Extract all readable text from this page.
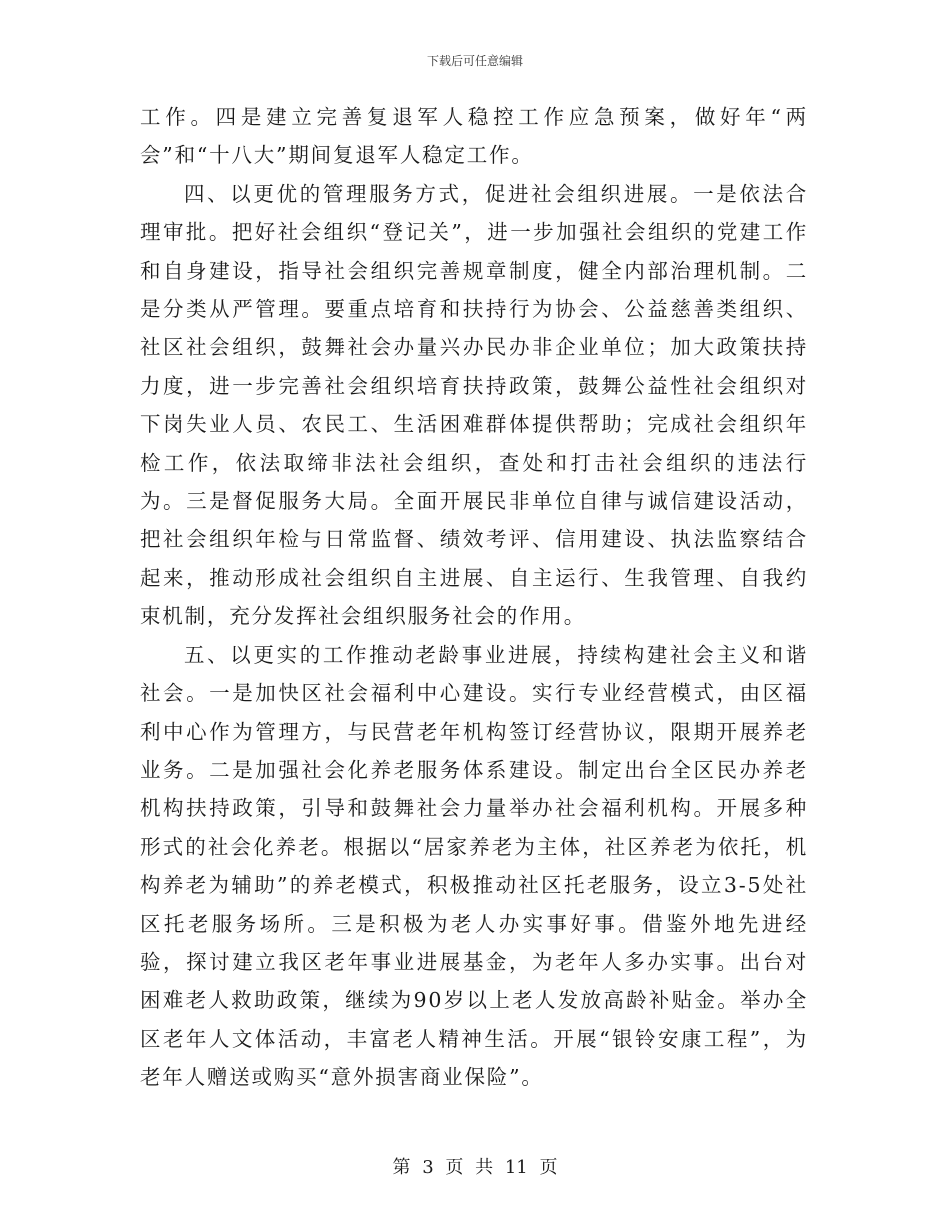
下载后可任意编辑

工作。四是建立完善复退军人稳控工作应急预案，做好年“两会”和“十八大”期间复退军人稳定工作。

四、以更优的管理服务方式，促进社会组织进展。一是依法合理审批。把好社会组织“登记关”，进一步加强社会组织的党建工作和自身建设，指导社会组织完善规章制度，健全内部治理机制。二是分类从严管理。要重点培育和扶持行为协会、公益慈善类组织、社区社会组织，鼓舞社会办量兴办民办非企业单位；加大政策扶持力度，进一步完善社会组织培育扶持政策，鼓舞公益性社会组织对下岗失业人员、农民工、生活困难群体提供帮助；完成社会组织年检工作，依法取缔非法社会组织，查处和打击社会组织的违法行为。三是督促服务大局。全面开展民非单位自律与诚信建设活动，把社会组织年检与日常监督、绩效考评、信用建设、执法监察结合起来，推动形成社会组织自主进展、自主运行、生我管理、自我约束机制，充分发挥社会组织服务社会的作用。

五、以更实的工作推动老龄事业进展，持续构建社会主义和谐社会。一是加快区社会福利中心建设。实行专业经营模式，由区福利中心作为管理方，与民营老年机构签订经营协议，限期开展养老业务。二是加强社会化养老服务体系建设。制定出台全区民办养老机构扶持政策，引导和鼓舞社会力量举办社会福利机构。开展多种形式的社会化养老。根据以“居家养老为主体，社区养老为依托，机构养老为辅助”的养老模式，积极推动社区托老服务，设立3-5处社区托老服务场所。三是积极为老人办实事好事。借鉴外地先进经验，探讨建立我区老年事业进展基金，为老年人多办实事。出台对困难老人救助政策，继续为90岁以上老人发放高龄补贴金。举办全区老年人文体活动，丰富老人精神生活。开展“银铃安康工程”，为老年人赠送或购买“意外损害商业保险”。

第 3 页 共 11 页
